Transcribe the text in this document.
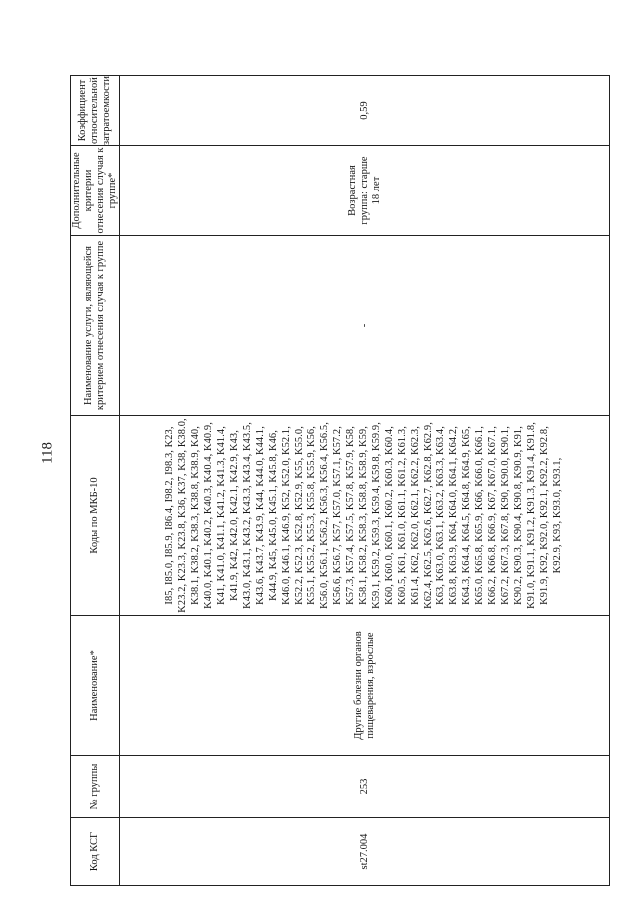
118
Код КСГ	№ группы	Наименование*	Коды по МКБ-10	Наименование услуги, являющейся критерием отнесения случая к группе	Дополнительные критерии отнесения случая к группе*	Коэффициент относительной затратоемкости
st27.004	253	Другие болезни органов пищеварения, взрослые	I85, I85.0, I85.9, I86.4, I98.2, I98.3, K23, K23.2, K23.3, K23.8, K36, K37, K38, K38.0, K38.1, K38.2, K38.3, K38.8, K38.9, K40, K40.0, K40.1, K40.2, K40.3, K40.4, K40.9, K41, K41.0, K41.1, K41.2, K41.3, K41.4, K41.9, K42, K42.0, K42.1, K42.9, K43, K43.0, K43.1, K43.2, K43.3, K43.4, K43.5, K43.6, K43.7, K43.9, K44, K44.0, K44.1, K44.9, K45, K45.0, K45.1, K45.8, K46, K46.0, K46.1, K46.9, K52, K52.0, K52.1, K52.2, K52.3, K52.8, K52.9, K55, K55.0, K55.1, K55.2, K55.3, K55.8, K55.9, K56, K56.0, K56.1, K56.2, K56.3, K56.4, K56.5, K56.6, K56.7, K57, K57.0, K57.1, K57.2, K57.3, K57.4, K57.5, K57.8, K57.9, K58, K58.1, K58.2, K58.3, K58.8, K58.9, K59, K59.1, K59.2, K59.3, K59.4, K59.8, K59.9, K60, K60.0, K60.1, K60.2, K60.3, K60.4, K60.5, K61, K61.0, K61.1, K61.2, K61.3, K61.4, K62, K62.0, K62.1, K62.2, K62.3, K62.4, K62.5, K62.6, K62.7, K62.8, K62.9, K63, K63.0, K63.1, K63.2, K63.3, K63.4, K63.8, K63.9, K64, K64.0, K64.1, K64.2, K64.3, K64.4, K64.5, K64.8, K64.9, K65, K65.0, K65.8, K65.9, K66, K66.0, K66.1, K66.2, K66.8, K66.9, K67, K67.0, K67.1, K67.2, K67.3, K67.8, K90, K90.0, K90.1, K90.2, K90.3, K90.4, K90.8, K90.9, K91, K91.0, K91.1, K91.2, K91.3, K91.4, K91.8, K91.9, K92, K92.0, K92.1, K92.2, K92.8, K92.9, K93, K93.0, K93.1,	-	Возрастная группа: старше 18 лет	0,59
